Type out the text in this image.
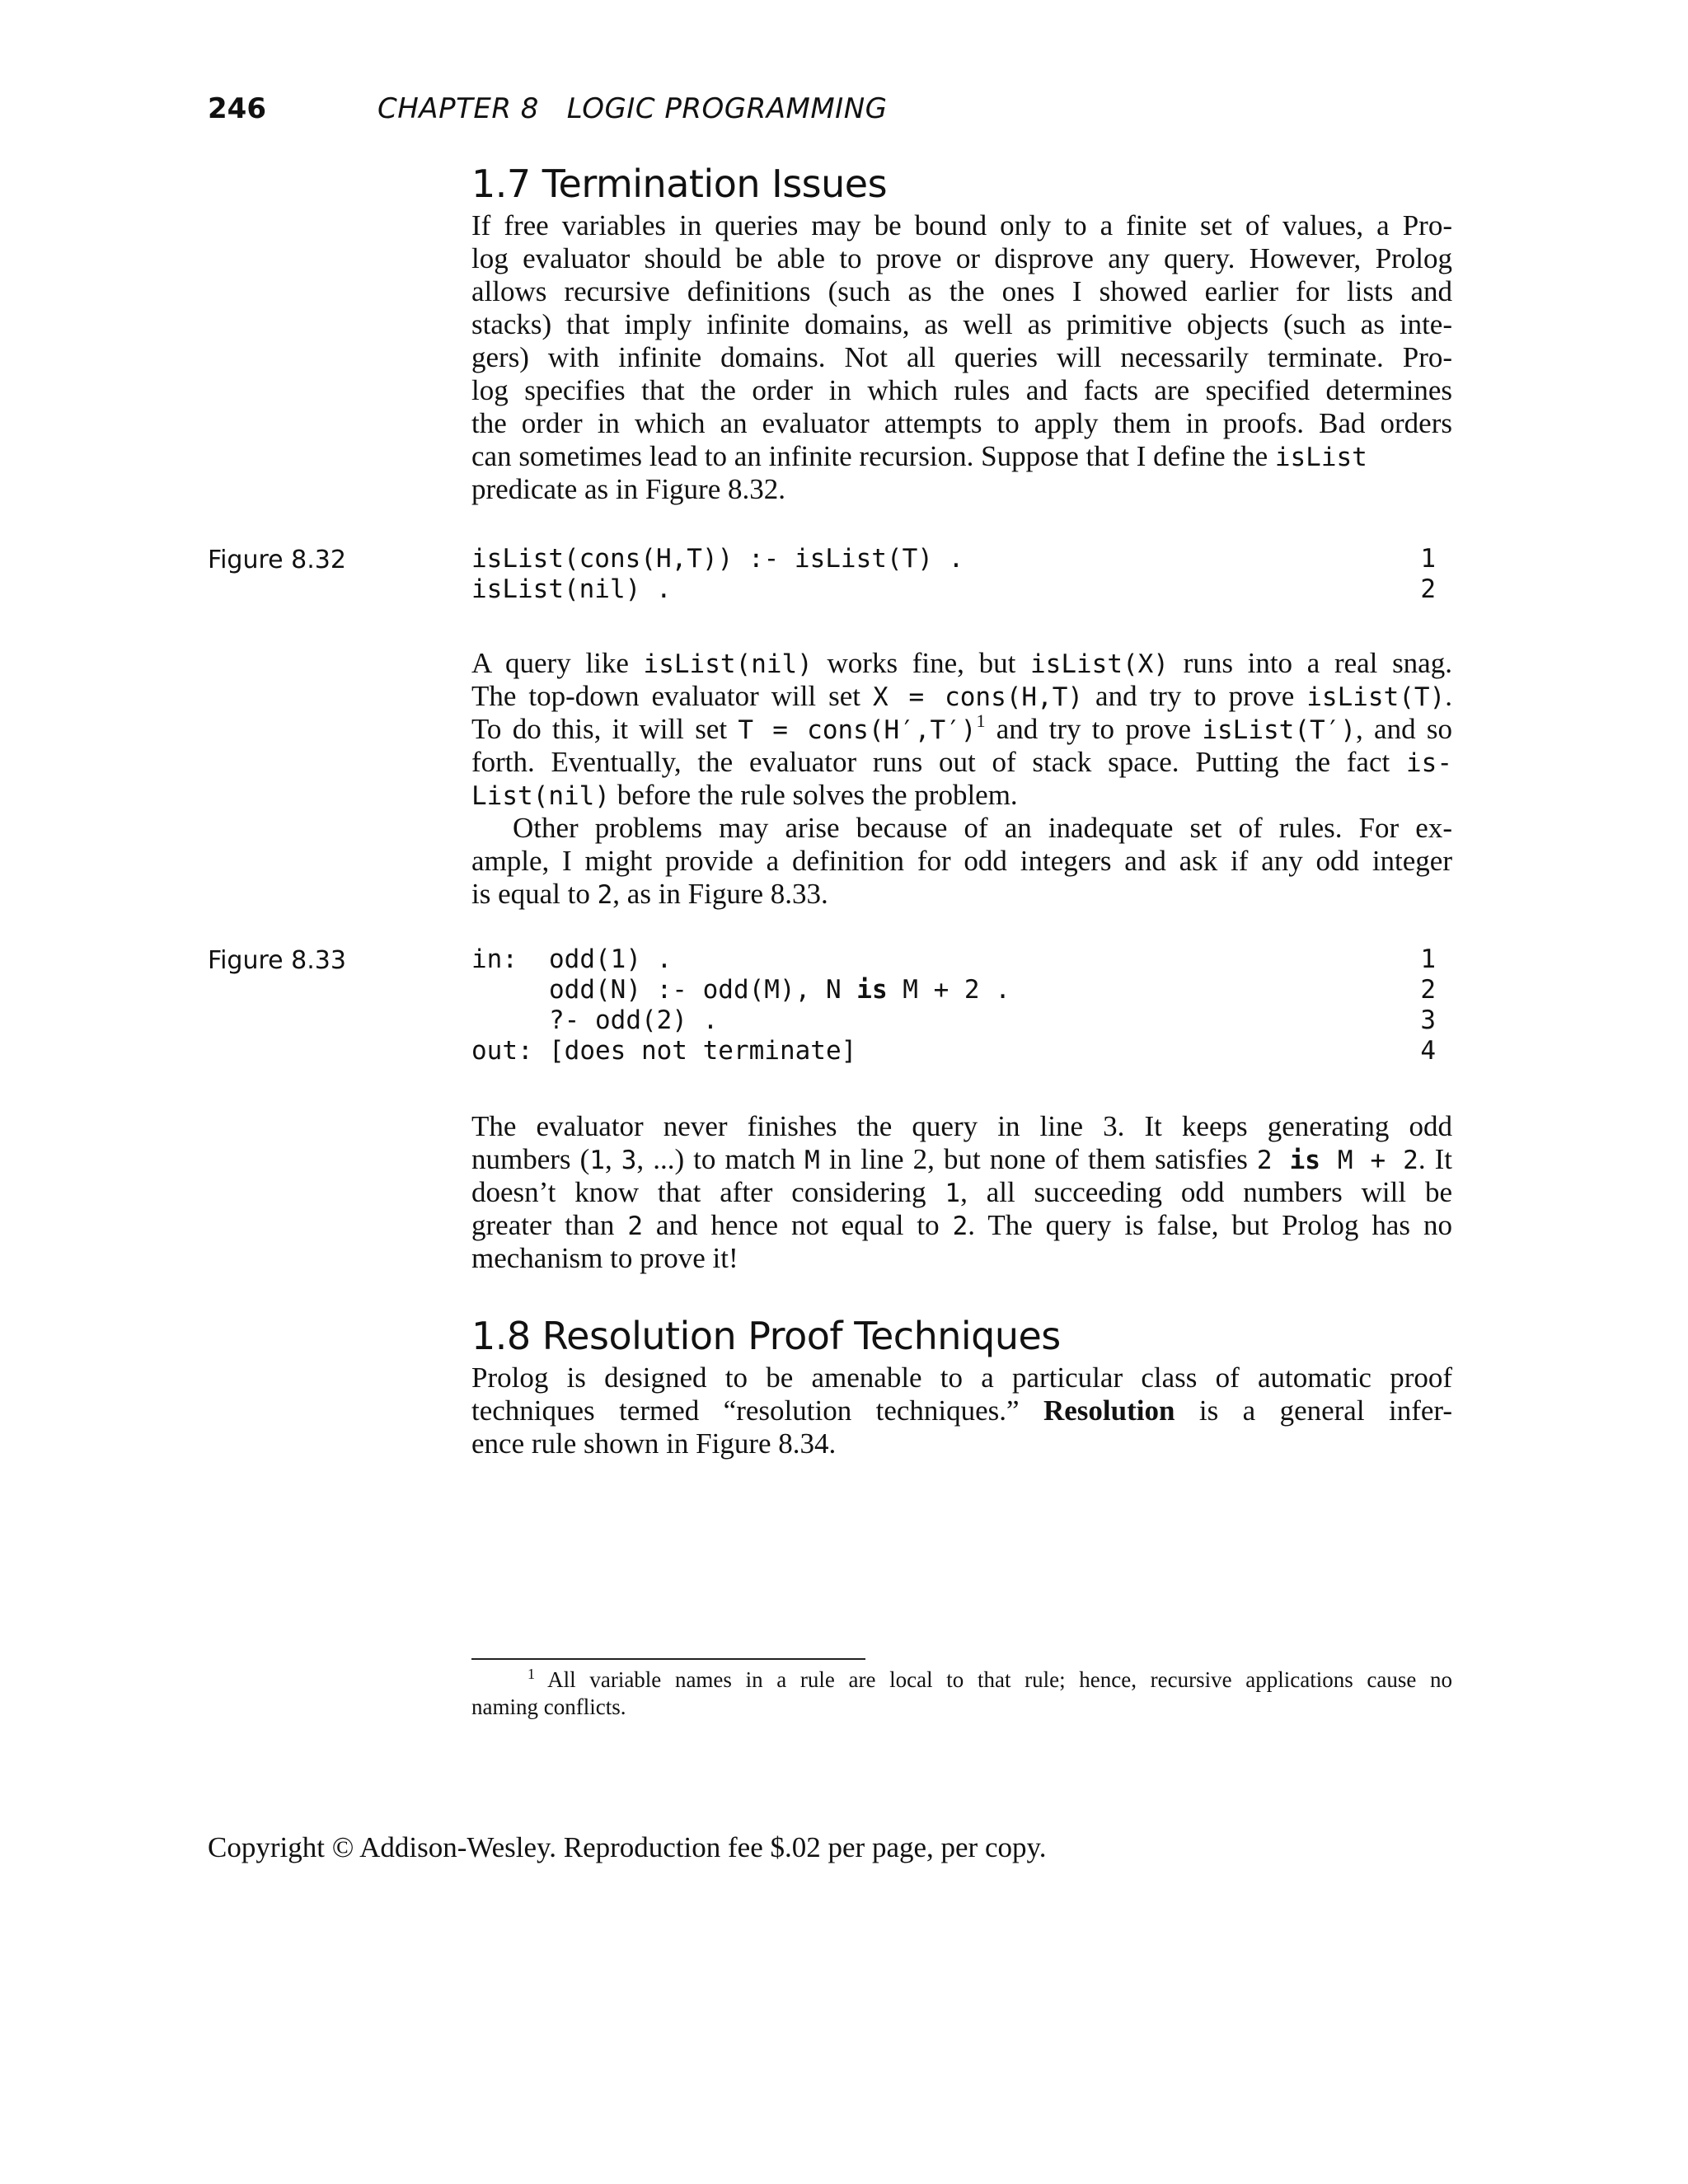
246	CHAPTER 8   LOGIC PROGRAMMING
1.7 Termination Issues
If free variables in queries may be bound only to a finite set of values, a Pro-
log evaluator should be able to prove or disprove any query. However, Prolog
allows recursive definitions (such as the ones I showed earlier for lists and
stacks) that imply infinite domains, as well as primitive objects (such as inte-
gers) with infinite domains. Not all queries will necessarily terminate. Pro-
log specifies that the order in which rules and facts are specified determines
the order in which an evaluator attempts to apply them in proofs. Bad orders
can sometimes lead to an infinite recursion. Suppose that I define the isList
predicate as in Figure 8.32.
Figure 8.32	isList(cons(H,T)) :- isList(T) .	1
isList(nil) .	2
A query like isList(nil) works fine, but isList(X) runs into a real snag.
The top-down evaluator will set X = cons(H,T) and try to prove isList(T).
To do this, it will set $T = cons(H',T')^1$ and try to prove isList(T′), and so
forth. Eventually, the evaluator runs out of stack space. Putting the fact is-
List(nil) before the rule solves the problem.
Other problems may arise because of an inadequate set of rules. For ex-
ample, I might provide a definition for odd integers and ask if any odd integer
is equal to 2, as in Figure 8.33.
Figure 8.33	in: odd(1) .	1
odd(N) :- odd(M), N is M + 2 .	2
?- odd(2) .	3
out: [does not terminate]	4
The evaluator never finishes the query in line 3. It keeps generating odd
numbers (1, 3, ...) to match M in line 2, but none of them satisfies 2 is M + 2. It
doesn’t know that after considering 1, all succeeding odd numbers will be
greater than 2 and hence not equal to 2. The query is false, but Prolog has no
mechanism to prove it!
1.8 Resolution Proof Techniques
Prolog is designed to be amenable to a particular class of automatic proof
techniques termed “resolution techniques.” Resolution is a general infer-
ence rule shown in Figure 8.34.
$^1$ All variable names in a rule are local to that rule; hence, recursive applications cause no
naming conflicts.
Copyright © Addison-Wesley. Reproduction fee $.02 per page, per copy.
